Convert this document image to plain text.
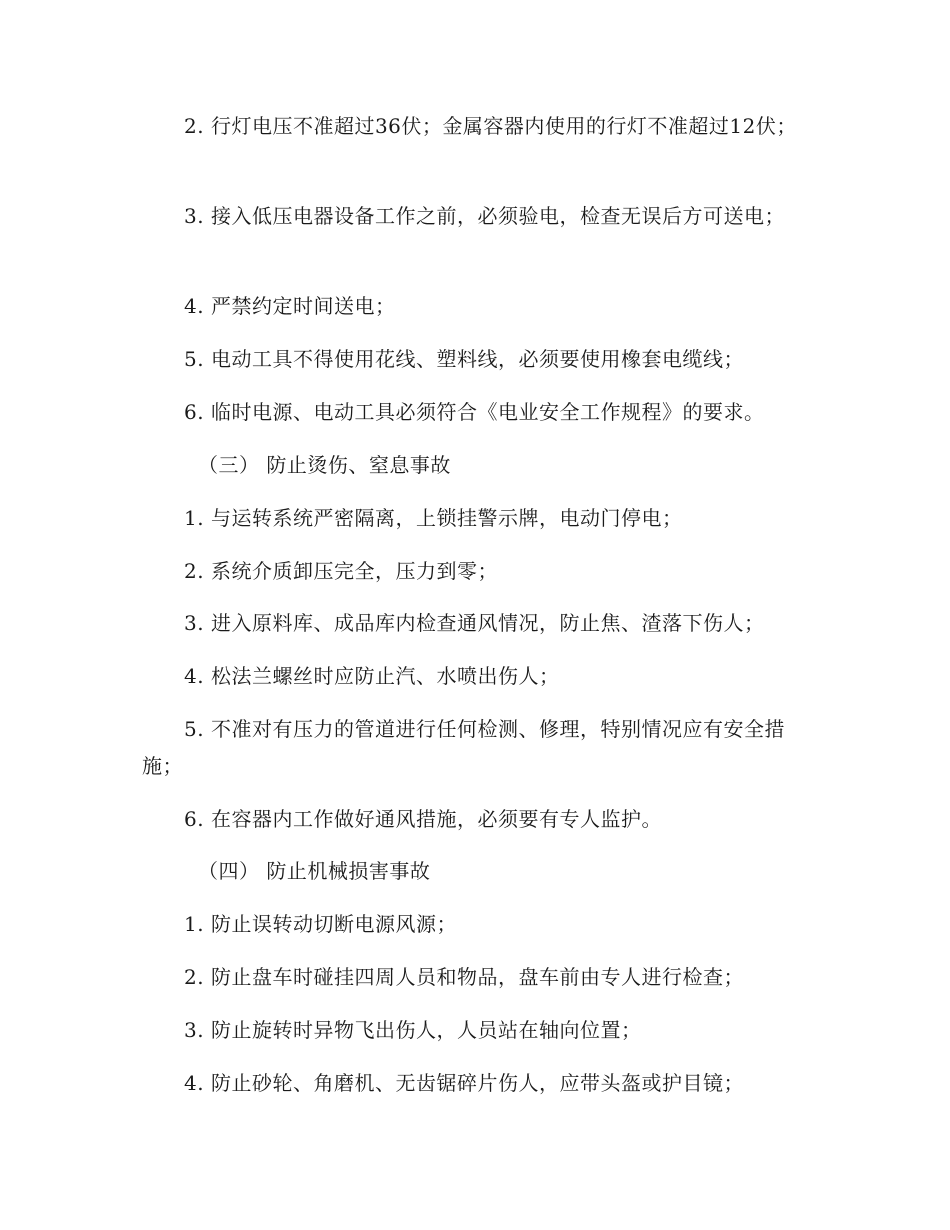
2. 行灯电压不准超过36伏；金属容器内使用的行灯不准超过12伏；

3. 接入低压电器设备工作之前，必须验电，检查无误后方可送电；

4. 严禁约定时间送电；

5. 电动工具不得使用花线、塑料线，必须要使用橡套电缆线；

6. 临时电源、电动工具必须符合《电业安全工作规程》的要求。

（三） 防止烫伤、窒息事故

1. 与运转系统严密隔离，上锁挂警示牌，电动门停电；

2. 系统介质卸压完全，压力到零；

3. 进入原料库、成品库内检查通风情况，防止焦、渣落下伤人；

4. 松法兰螺丝时应防止汽、水喷出伤人；

5. 不准对有压力的管道进行任何检测、修理，特别情况应有安全措施；

6. 在容器内工作做好通风措施，必须要有专人监护。

（四） 防止机械损害事故

1. 防止误转动切断电源风源；

2. 防止盘车时碰挂四周人员和物品，盘车前由专人进行检查；

3. 防止旋转时异物飞出伤人，人员站在轴向位置；

4. 防止砂轮、角磨机、无齿锯碎片伤人，应带头盔或护目镜；
